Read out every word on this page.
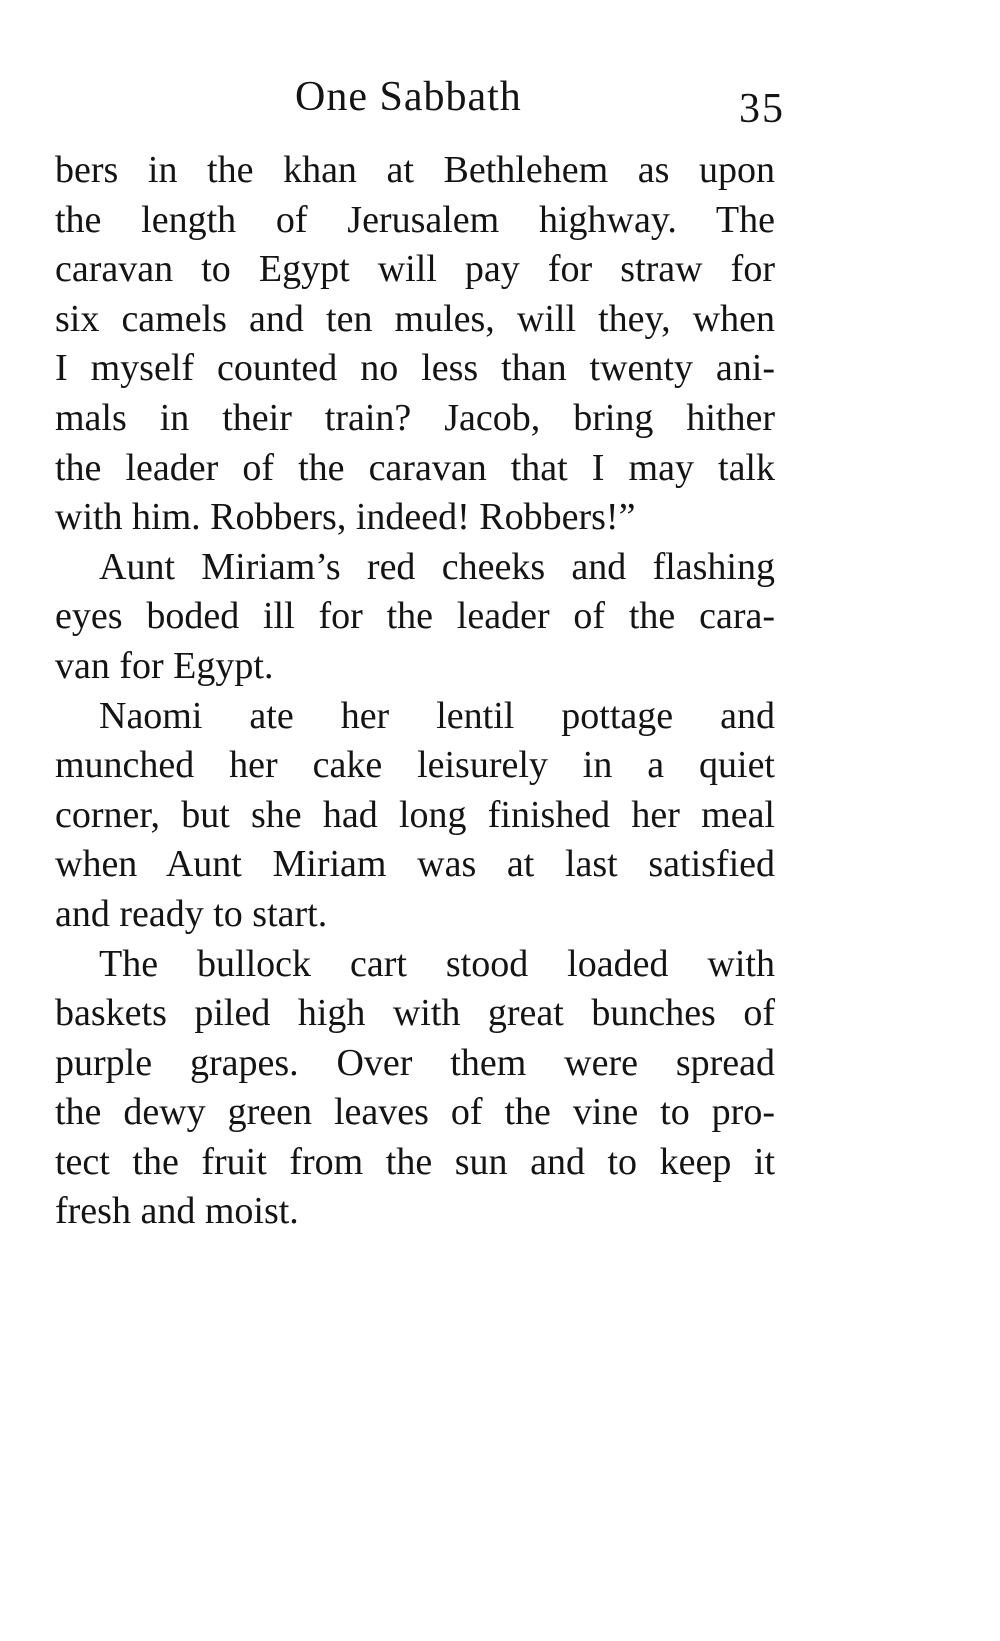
One Sabbath	35
bers in the khan at Bethlehem as upon
the length of Jerusalem highway. The
caravan to Egypt will pay for straw for
six camels and ten mules, will they, when
I myself counted no less than twenty ani-
mals in their train? Jacob, bring hither
the leader of the caravan that I may talk
with him. Robbers, indeed! Robbers!”
Aunt Miriam’s red cheeks and flashing
eyes boded ill for the leader of the cara-
van for Egypt.
Naomi ate her lentil pottage and
munched her cake leisurely in a quiet
corner, but she had long finished her meal
when Aunt Miriam was at last satisfied
and ready to start.
The bullock cart stood loaded with
baskets piled high with great bunches of
purple grapes. Over them were spread
the dewy green leaves of the vine to pro-
tect the fruit from the sun and to keep it
fresh and moist.
